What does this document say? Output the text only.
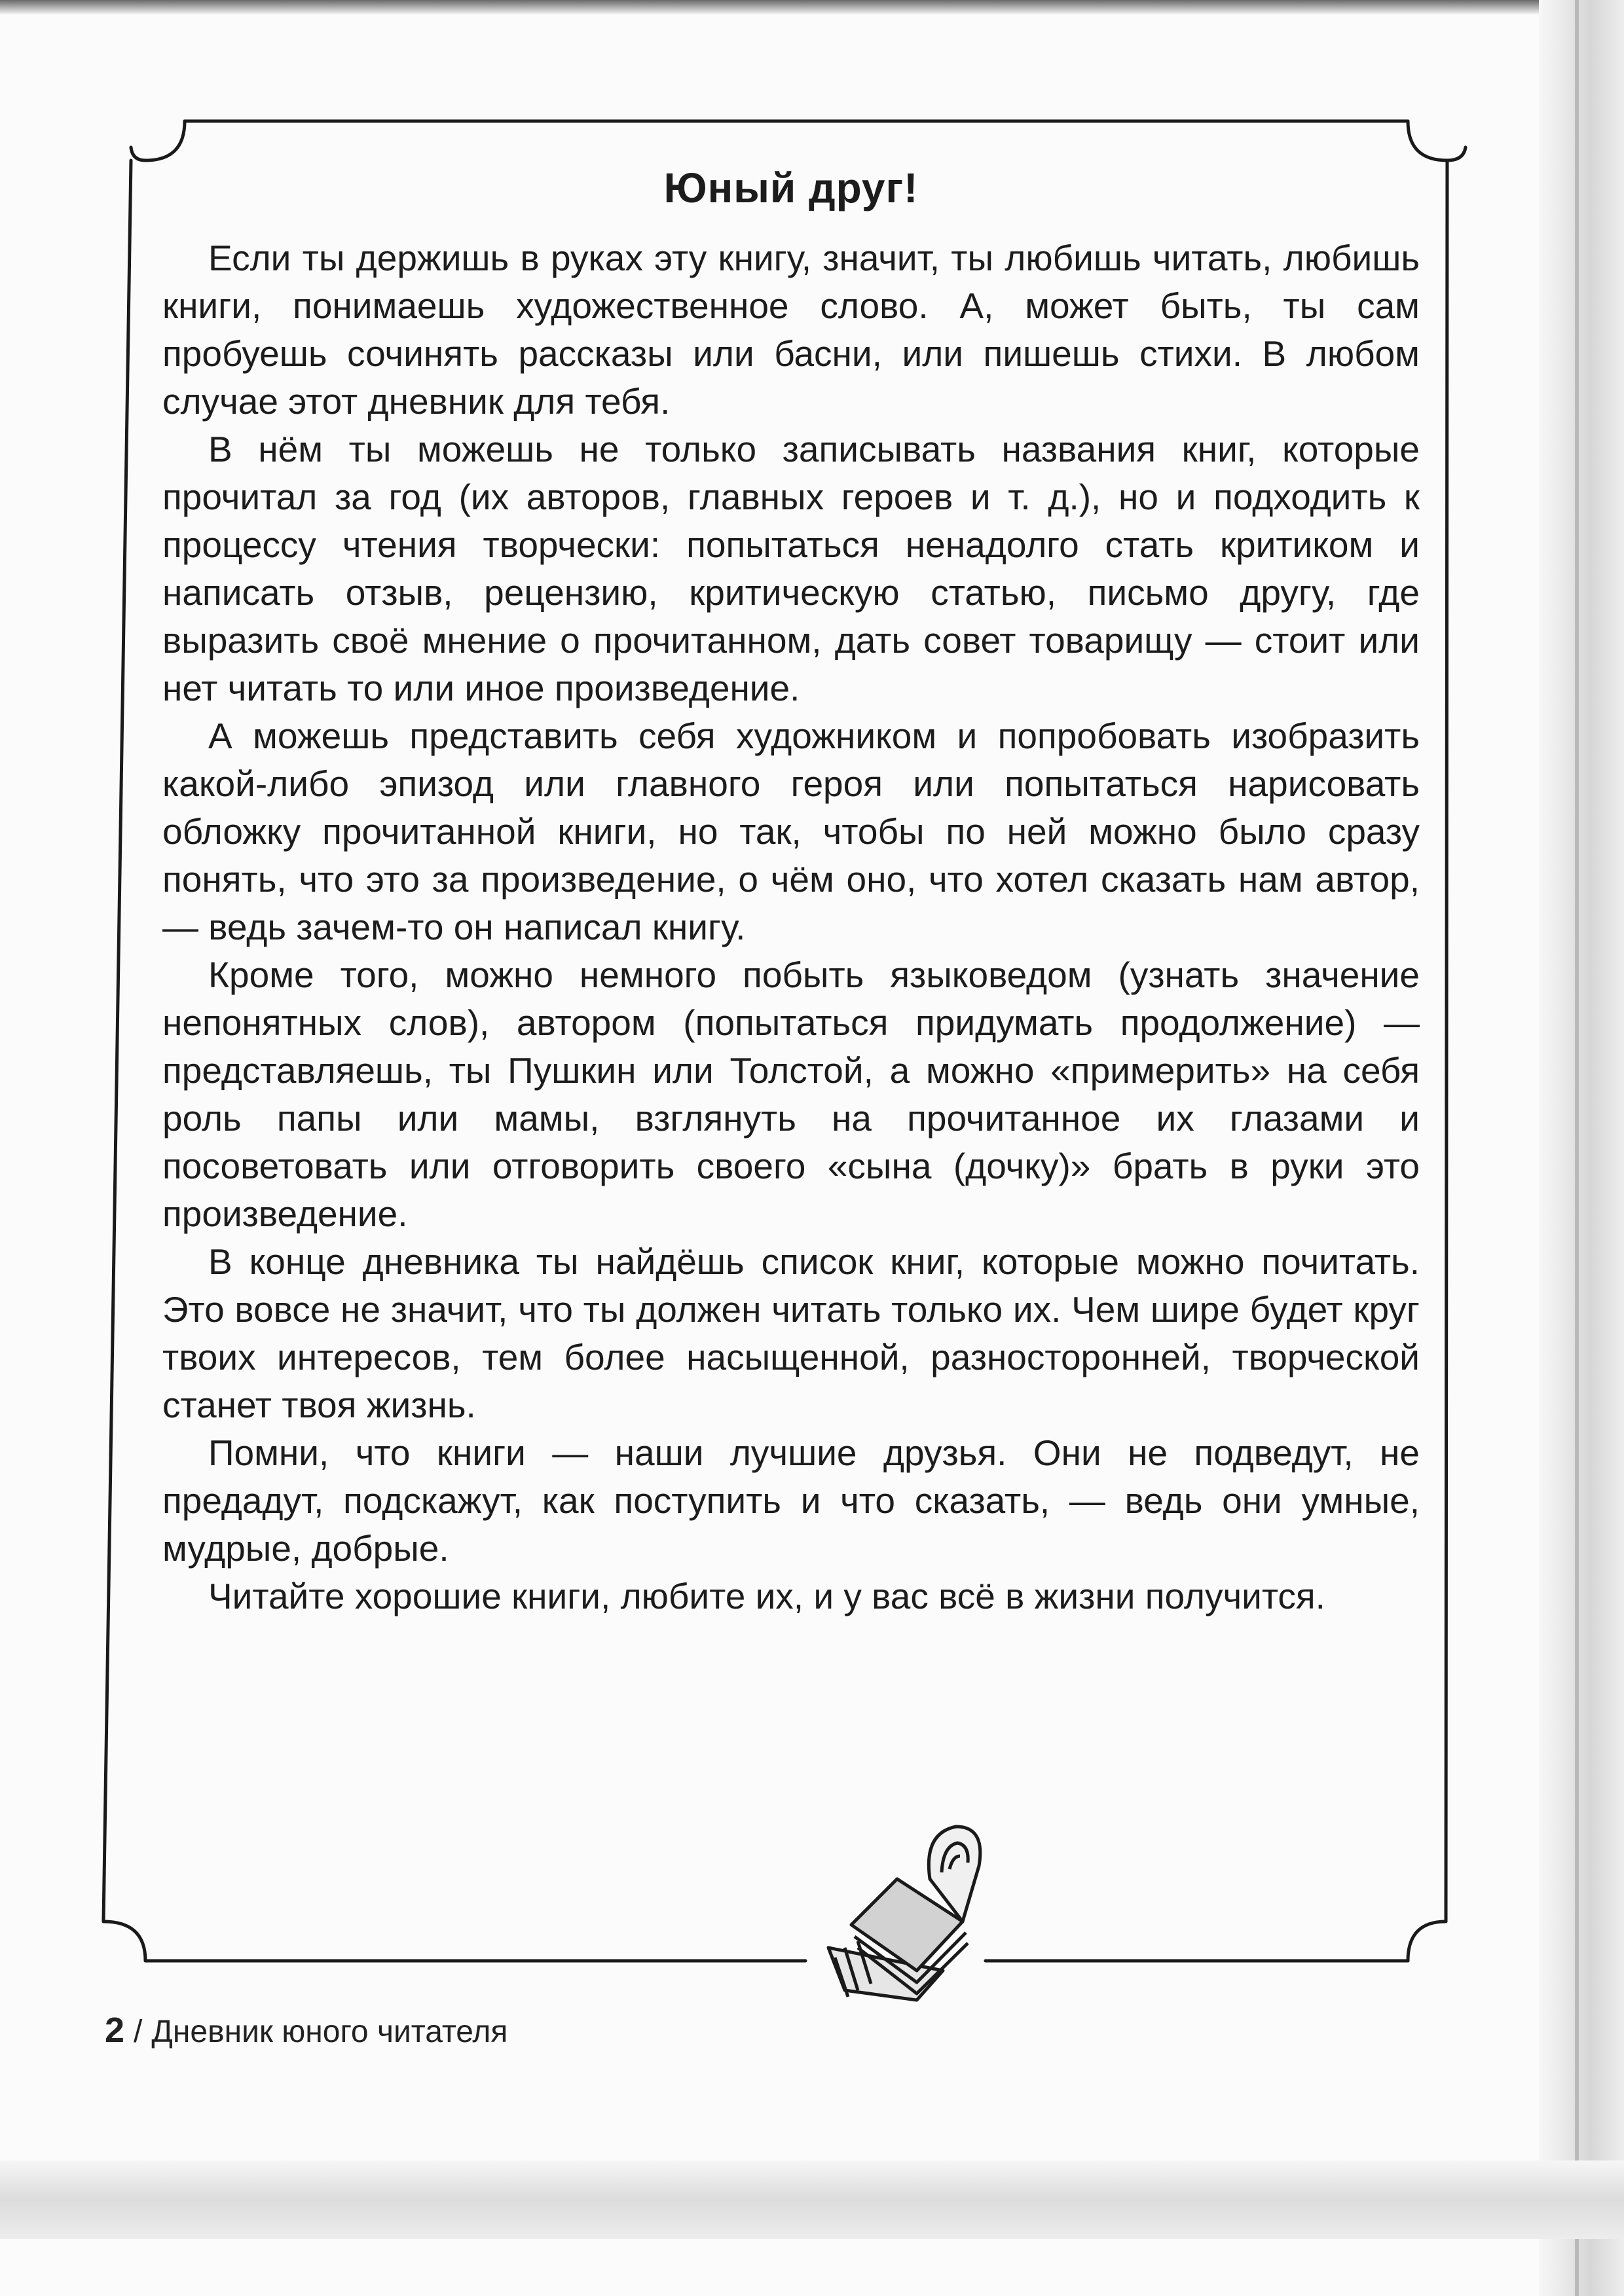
Юный друг!

Если ты держишь в руках эту книгу, значит, ты любишь читать, любишь книги, понимаешь художественное слово. А, может быть, ты сам пробуешь сочинять рассказы или басни, или пишешь стихи. В любом случае этот дневник для тебя.

В нём ты можешь не только записывать названия книг, которые прочитал за год (их авторов, главных героев и т. д.), но и подходить к процессу чтения творчески: попытаться ненадолго стать критиком и написать отзыв, рецензию, критическую статью, письмо другу, где выразить своё мнение о прочитанном, дать совет товарищу — стоит или нет читать то или иное произведение.

А можешь представить себя художником и попробовать изобразить какой-либо эпизод или главного героя или попытаться нарисовать обложку прочитанной книги, но так, чтобы по ней можно было сразу понять, что это за произведение, о чём оно, что хотел сказать нам автор, — ведь зачем-то он написал книгу.

Кроме того, можно немного побыть языковедом (узнать значение непонятных слов), автором (попытаться придумать продолжение) — представляешь, ты Пушкин или Толстой, а можно «примерить» на себя роль папы или мамы, взглянуть на прочитанное их глазами и посоветовать или отговорить своего «сына (дочку)» брать в руки это произведение.

В конце дневника ты найдёшь список книг, которые можно почитать. Это вовсе не значит, что ты должен читать только их. Чем шире будет круг твоих интересов, тем более насыщенной, разносторонней, творческой станет твоя жизнь.

Помни, что книги — наши лучшие друзья. Они не подведут, не предадут, подскажут, как поступить и что сказать, — ведь они умные, мудрые, добрые.

Читайте хорошие книги, любите их, и у вас всё в жизни получится.

2 / Дневник юного читателя
